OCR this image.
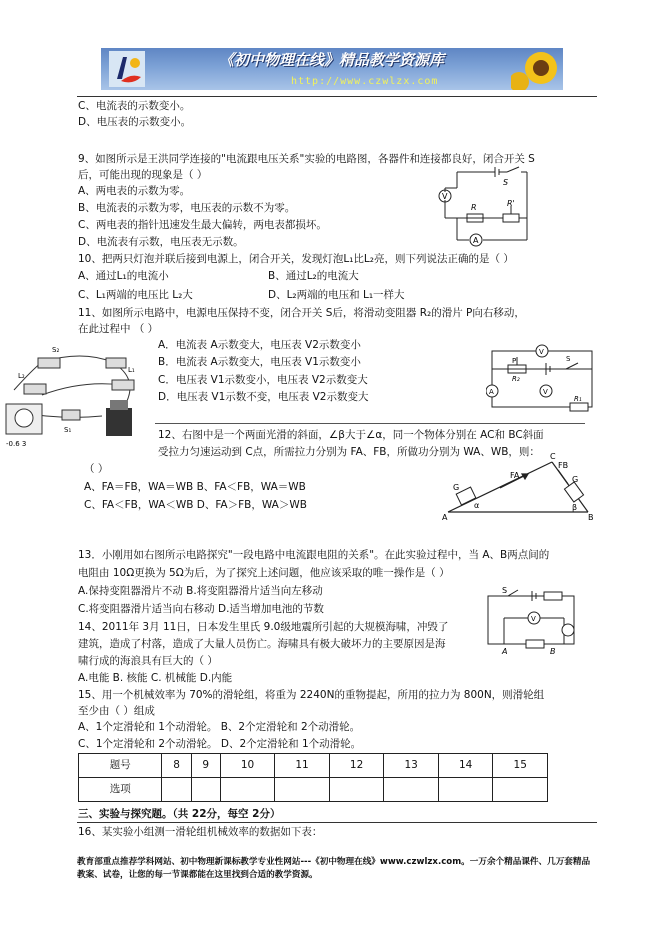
《初中物理在线》精品教学资源库
http://www.czwlzx.com
C、电流表的示数变小。
D、电压表的示数变小。
9、如图所示是王洪同学连接的"电流跟电压关系"实验的电路图，各器件和连接都良好，闭合开关 S
后，可能出现的现象是（ ）
A、两电表的示数为零。
B、电流表的示数为零，电压表的示数不为零。
C、两电表的指针迅速发生最大偏转，两电表都损坏。
D、电流表有示数，电压表无示数。
10、把两只灯泡并联后接到电源上，闭合开关，发现灯泡L₁比L₂亮，则下列说法正确的是（ ）
A、通过L₁的电流小	B、通过L₂的电流大
C、L₁两端的电压比 L₂大	D、L₂两端的电压和 L₁一样大
11、如图所示电路中，电源电压保持不变，闭合开关 S后，将滑动变阻器 R₂的滑片 P向右移动，
在此过程中 （ ）
A．电流表 A示数变大，电压表 V2示数变小
B．电流表 A示数变大，电压表 V1示数变小
C．电压表 V1示数变小，电压表 V2示数变大
D．电压表 V1示数不变，电压表 V2示数变大
12、右图中是一个两面光滑的斜面，∠β大于∠α，同一个物体分别在 AC和 BC斜面
受拉力匀速运动到 C点，所需拉力分别为 FA、FB，所做功分别为 WA、WB，则：
（ ）
A、FA＝FB，WA＝WB B、FA＜FB，WA＝WB
C、FA＜FB，WA＜WB D、FA＞FB，WA＞WB
13．小刚用如右图所示电路探究"一段电路中电流跟电阻的关系"。在此实验过程中，当 A、B两点间的
电阻由 10Ω更换为 5Ω为后，为了探究上述问题，他应该采取的唯一操作是（ ）
A.保持变阻器滑片不动 B.将变阻器滑片适当向左移动
C.将变阻器滑片适当向右移动 D.适当增加电池的节数
14、2011年 3月 11日，日本发生里氏 9.0级地震所引起的大规模海啸，冲毁了
建筑，造成了村落，造成了大量人员伤亡。海啸具有极大破坏力的主要原因是海
啸行成的海浪具有巨大的（ ）
A.电能 B. 核能 C. 机械能 D.内能
15、用一个机械效率为 70%的滑轮组，将重为 2240N的重物提起，所用的拉力为 800N，则滑轮组
至少由（ ）组成
A、1个定滑轮和 1个动滑轮。 B、2个定滑轮和 2个动滑轮。
C、1个定滑轮和 2个动滑轮。 D、2个定滑轮和 1个动滑轮。
题号	8	9	10	11	12	13	14	15
选项								
三、实验与探究题。（共 22分，每空 2分）
16、某实验小组测一滑轮组机械效率的数据如下表：
教育部重点推荐学科网站、初中物理新课标教学专业性网站---《初中物理在线》www.czwlzx.com。一万余个精品课件、几万套精品教案、试卷，让您的每一节课都能在这里找到合适的教学资源。
V
S
R	R'
A
S₂
L₂
L₁
S₁
-0.6 3
V
P
R₂
S
A	V
R₁
C
FB
FA
G
G
α	β
A	B
S
V
A	B
